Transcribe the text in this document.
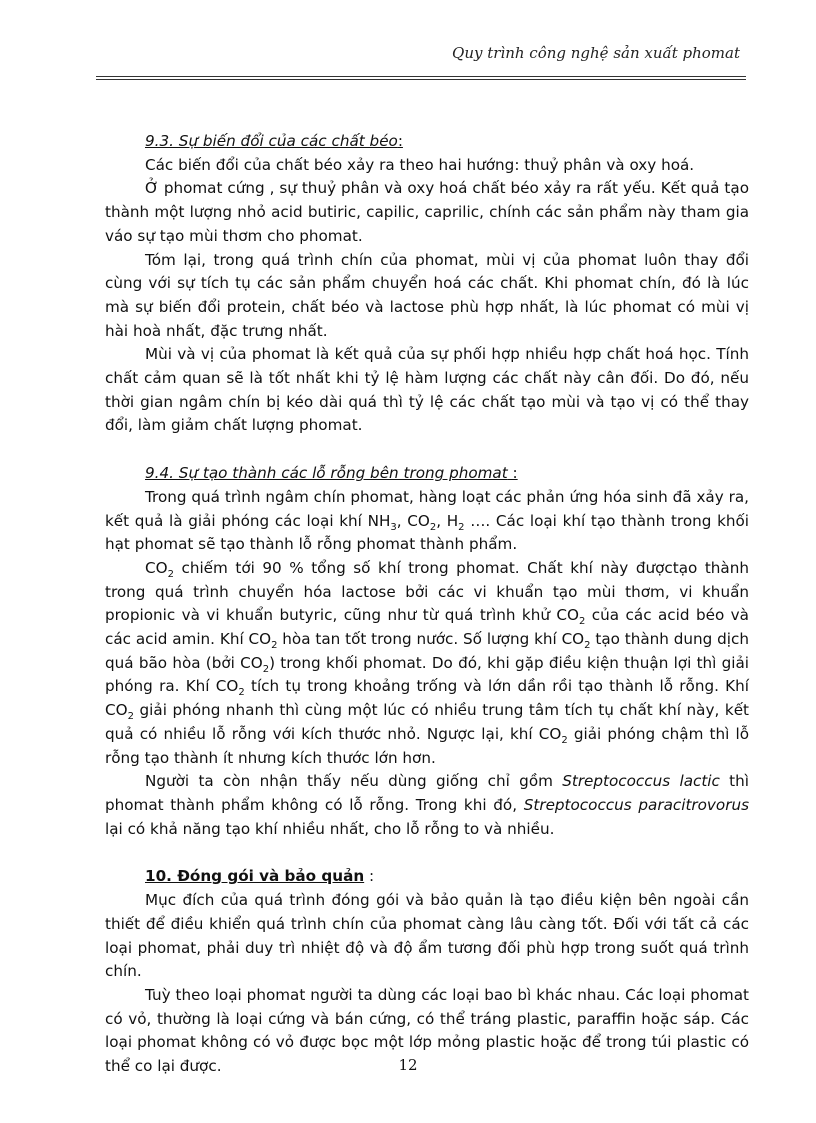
Quy trình công nghệ sản xuất phomat
9.3. Sự biến đổi của các chất béo:

Các biến đổi của chất béo xảy ra theo hai hướng: thuỷ phân và oxy hoá.

Ở phomat cứng , sự thuỷ phân và oxy hoá chất béo xảy ra rất yếu. Kết quả tạo thành một lượng nhỏ acid butiric, capilic, caprilic, chính các sản phẩm này tham gia váo sự tạo mùi thơm cho phomat.

Tóm lại, trong quá trình chín của phomat, mùi vị của phomat luôn thay đổi cùng với sự tích tụ các sản phẩm chuyển hoá các chất. Khi phomat chín, đó là lúc mà sự biến đổi protein, chất béo và lactose phù hợp nhất, là lúc phomat có mùi vị hài hoà nhất, đặc trưng nhất.

Mùi và vị của phomat là kết quả của sự phối hợp nhiều hợp chất hoá học. Tính chất cảm quan sẽ là tốt nhất khi tỷ lệ hàm lượng các chất này cân đối. Do đó, nếu thời gian ngâm chín bị kéo dài quá thì tỷ lệ các chất tạo mùi và tạo vị có thể thay đổi, làm giảm chất lượng phomat.

9.4. Sự tạo thành các lỗ rỗng bên trong phomat :

Trong quá trình ngâm chín phomat, hàng loạt các phản ứng hóa sinh đã xảy ra, kết quả là giải phóng các loại khí $NH_3$, $CO_2$, $H_2$ …. Các loại khí tạo thành trong khối hạt phomat sẽ tạo thành lỗ rỗng phomat thành phẩm.

$CO_2$ chiếm tới 90 % tổng số khí trong phomat. Chất khí này đượctạo thành trong quá trình chuyển hóa lactose bởi các vi khuẩn tạo mùi thơm, vi khuẩn propionic và vi khuẩn butyric, cũng như từ quá trình khử $CO_2$ của các acid béo và các acid amin. Khí $CO_2$ hòa tan tốt trong nước. Số lượng khí $CO_2$ tạo thành dung dịch quá bão hòa (bởi $CO_2$) trong khối phomat. Do đó, khi gặp điều kiện thuận lợi thì giải phóng ra. Khí $CO_2$ tích tụ trong khoảng trống và lớn dần rồi tạo thành lỗ rỗng. Khí $CO_2$ giải phóng nhanh thì cùng một lúc có nhiều trung tâm tích tụ chất khí này, kết quả có nhiều lỗ rỗng với kích thước nhỏ. Ngược lại, khí $CO_2$ giải phóng chậm thì lỗ rỗng tạo thành ít nhưng kích thước lớn hơn.

Người ta còn nhận thấy nếu dùng giống chỉ gồm Streptococcus lactic thì phomat thành phẩm không có lỗ rỗng. Trong khi đó, Streptococcus paracitrovorus lại có khả năng tạo khí nhiều nhất, cho lỗ rỗng to và nhiều.

10. Đóng gói và bảo quản :

Mục đích của quá trình đóng gói và bảo quản là tạo điều kiện bên ngoài cần thiết để điều khiển quá trình chín của phomat càng lâu càng tốt. Đối với tất cả các loại phomat, phải duy trì nhiệt độ và độ ẩm tương đối phù hợp trong suốt quá trình chín.

Tuỳ theo loại phomat người ta dùng các loại bao bì khác nhau. Các loại phomat có vỏ, thường là loại cứng và bán cứng, có thể tráng plastic, paraffin hoặc sáp. Các loại phomat không có vỏ được bọc một lớp mỏng plastic hoặc để trong túi plastic có thể co lại được.	12
